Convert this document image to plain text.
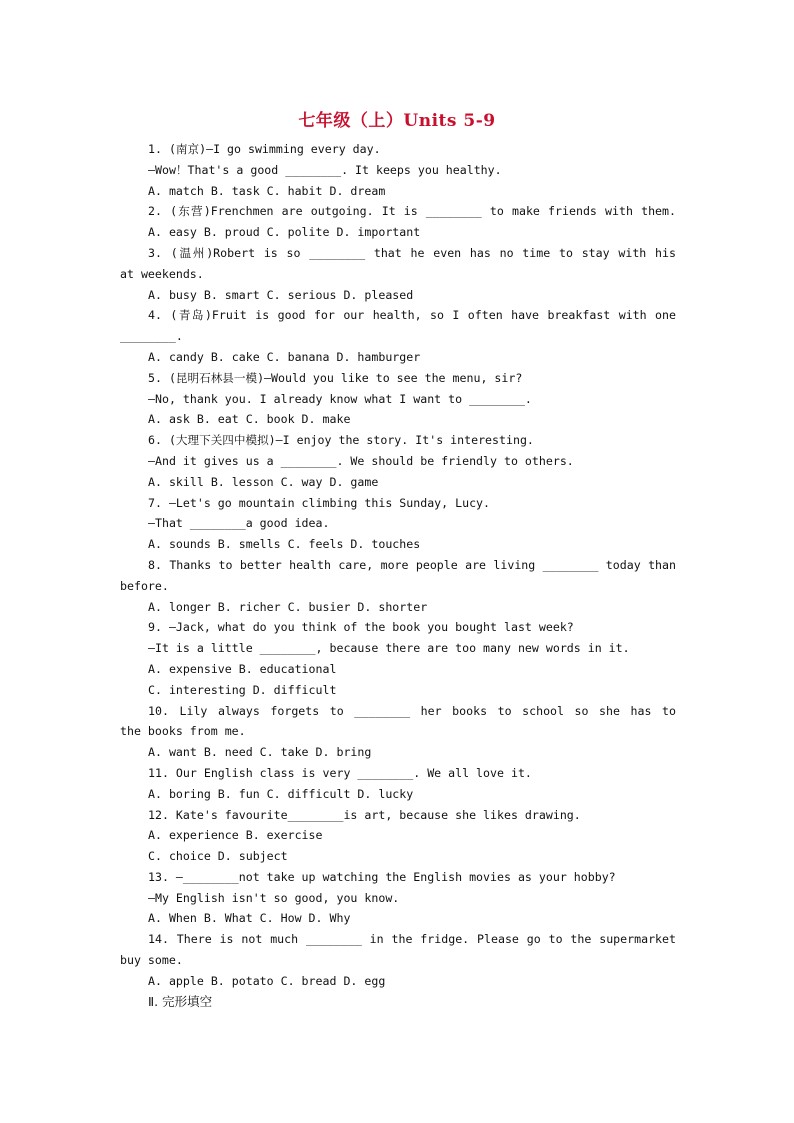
七年级（上）Units 5-9
1. (南京)—I go swimming every day.
—Wow！That's a good ________. It keeps you healthy.
A. match B. task C. habit D. dream
2. (东营)Frenchmen are outgoing. It is ________ to make friends with them.
A. easy B. proud C. polite D. important
3. (温州)Robert is so ________ that he even has no time to stay with his
at weekends.
A. busy B. smart C. serious D. pleased
4. (青岛)Fruit is good for our health, so I often have breakfast with one
________.
A. candy B. cake C. banana D. hamburger
5. (昆明石林县一模)—Would you like to see the menu, sir?
—No, thank you. I already know what I want to ________.
A. ask B. eat C. book D. make
6. (大理下关四中模拟)—I enjoy the story. It's interesting.
—And it gives us a ________. We should be friendly to others.
A. skill B. lesson C. way D. game
7. —Let's go mountain climbing this Sunday, Lucy.
—That ________a good idea.
A. sounds B. smells C. feels D. touches
8. Thanks to better health care, more people are living ________ today than
before.
A. longer B. richer C. busier D. shorter
9. —Jack, what do you think of the book you bought last week?
—It is a little ________, because there are too many new words in it.
A. expensive B. educational
C. interesting D. difficult
10. Lily always forgets to ________ her books to school so she has to
the books from me.
A. want B. need C. take D. bring
11. Our English class is very ________. We all love it.
A. boring B. fun C. difficult D. lucky
12. Kate's favourite________is art, because she likes drawing.
A. experience B. exercise
C. choice D. subject
13. —________not take up watching the English movies as your hobby?
—My English isn't so good, you know.
A. When B. What C. How D. Why
14. There is not much ________ in the fridge. Please go to the supermarket
buy some.
A. apple B. potato C. bread D. egg
Ⅱ. 完形填空
